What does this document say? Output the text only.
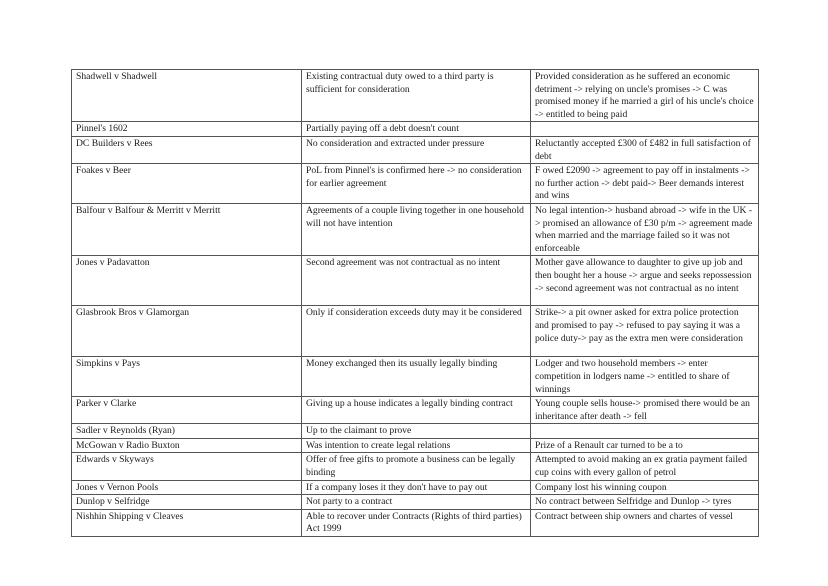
Shadwell v Shadwell	Existing contractual duty owed to a third party is sufficient for consideration	Provided consideration as he suffered an economic detriment -> relying on uncle's promises -> C was promised money if he married a girl of his uncle's choice -> entitled to being paid
Pinnel's 1602	Partially paying off a debt doesn't count	
DC Builders v Rees	No consideration and extracted under pressure	Reluctantly accepted £300 of £482 in full satisfaction of debt
Foakes v Beer	PoL from Pinnel's is confirmed here -> no consideration for earlier agreement	F owed £2090 -> agreement to pay off in instalments -> no further action -> debt paid-> Beer demands interest and wins
Balfour v Balfour & Merritt v Merritt	Agreements of a couple living together in one household will not have intention	No legal intention-> husband abroad -> wife in the UK -> promised an allowance of £30 p/m -> agreement made when married and the marriage failed so it was not enforceable
Jones v Padavatton	Second agreement was not contractual as no intent	Mother gave allowance to daughter to give up job and then bought her a house -> argue and seeks repossession -> second agreement was not contractual as no intent
Glasbrook Bros v Glamorgan	Only if consideration exceeds duty may it be considered	Strike-> a pit owner asked for extra police protection and promised to pay -> refused to pay saying it was a police duty-> pay as the extra men were consideration
Simpkins v Pays	Money exchanged then its usually legally binding	Lodger and two household members -> enter competition in lodgers name -> entitled to share of winnings
Parker v Clarke	Giving up a house indicates a legally binding contract	Young couple sells house-> promised there would be an inheritance after death -> fell
Sadler v Reynolds (Ryan)	Up to the claimant to prove	
McGowan v Radio Buxton	Was intention to create legal relations	Prize of a Renault car turned to be a to
Edwards v Skyways	Offer of free gifts to promote a business can be legally binding	Attempted to avoid making an ex gratia payment failed cup coins with every gallon of petrol
Jones v Vernon Pools	If a company loses it they don't have to pay out	Company lost his winning coupon
Dunlop v Selfridge	Not party to a contract	No contract between Selfridge and Dunlop -> tyres
Nishhin Shipping v Cleaves	Able to recover under Contracts (Rights of third parties) Act 1999	Contract between ship owners and chartes of vessel
